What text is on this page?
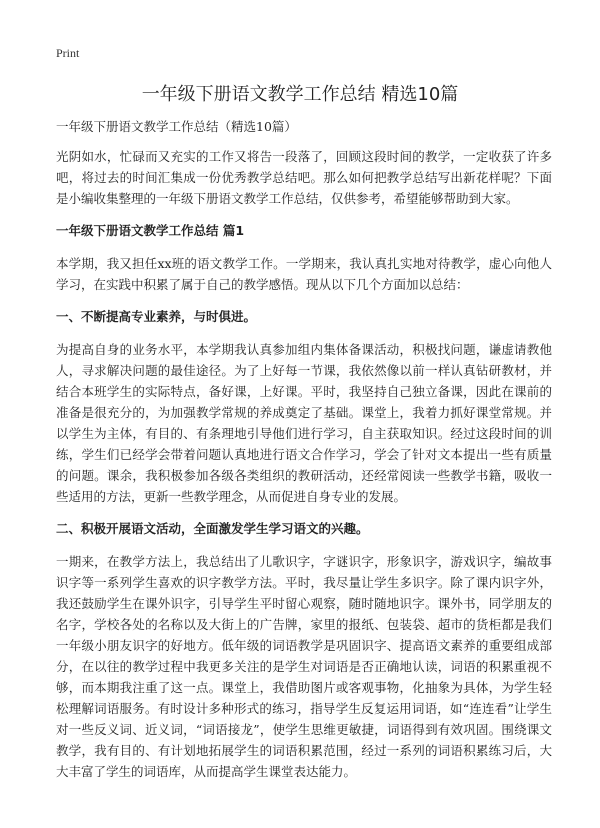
Print
一年级下册语文教学工作总结 精选10篇
一年级下册语文教学工作总结（精选10篇）

光阴如水，忙碌而又充实的工作又将告一段落了，回顾这段时间的教学，一定收获了许多吧，将过去的时间汇集成一份优秀教学总结吧。那么如何把教学总结写出新花样呢？下面是小编收集整理的一年级下册语文教学工作总结，仅供参考，希望能够帮助到大家。

一年级下册语文教学工作总结 篇1

本学期，我又担任xx班的语文教学工作。一学期来，我认真扎实地对待教学，虚心向他人学习，在实践中积累了属于自己的教学感悟。现从以下几个方面加以总结：

一、不断提高专业素养，与时俱进。

为提高自身的业务水平，本学期我认真参加组内集体备课活动，积极找问题，谦虚请教他人，寻求解决问题的最佳途径。为了上好每一节课，我依然像以前一样认真钻研教材，并结合本班学生的实际特点，备好课，上好课。平时，我坚持自己独立备课，因此在课前的准备是很充分的，为加强教学常规的养成奠定了基础。课堂上，我着力抓好课堂常规。并以学生为主体，有目的、有条理地引导他们进行学习，自主获取知识。经过这段时间的训练，学生们已经学会带着问题认真地进行语文合作学习，学会了针对文本提出一些有质量的问题。课余，我积极参加各级各类组织的教研活动，还经常阅读一些教学书籍，吸收一些适用的方法，更新一些教学理念，从而促进自身专业的发展。

二、积极开展语文活动，全面激发学生学习语文的兴趣。

一期来，在教学方法上，我总结出了儿歌识字，字谜识字，形象识字，游戏识字，编故事识字等一系列学生喜欢的识字教学方法。平时，我尽量让学生多识字。除了课内识字外，我还鼓励学生在课外识字，引导学生平时留心观察，随时随地识字。课外书，同学朋友的名字，学校各处的名称以及大街上的广告牌，家里的报纸、包装袋、超市的货柜都是我们一年级小朋友识字的好地方。低年级的词语教学是巩固识字、提高语文素养的重要组成部分，在以往的教学过程中我更多关注的是学生对词语是否正确地认读，词语的积累重视不够，而本期我注重了这一点。课堂上，我借助图片或客观事物，化抽象为具体，为学生轻松理解词语服务。有时设计多种形式的练习，指导学生反复运用词语，如“连连看”让学生对一些反义词、近义词，“词语接龙”，使学生思维更敏捷，词语得到有效巩固。围绕课文教学，我有目的、有计划地拓展学生的词语积累范围，经过一系列的词语积累练习后，大大丰富了学生的词语库，从而提高学生课堂表达能力。
